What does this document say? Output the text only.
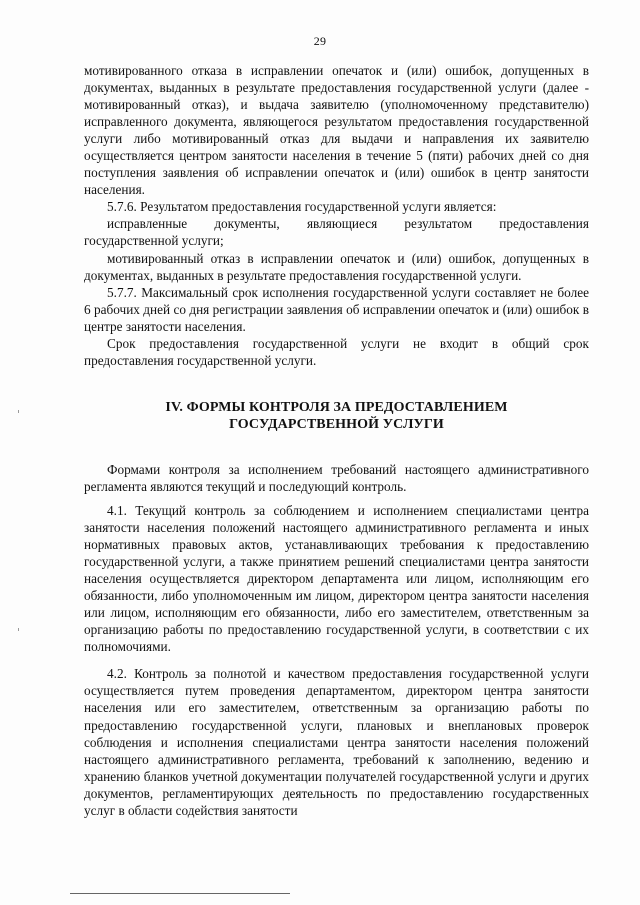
29

мотивированного отказа в исправлении опечаток и (или) ошибок, допущенных в документах, выданных в результате предоставления государственной услуги (далее - мотивированный отказ), и выдача заявителю (уполномоченному представителю) исправленного документа, являющегося результатом предоставления государственной услуги либо мотивированный отказ для выдачи и направления их заявителю осуществляется центром занятости населения в течение 5 (пяти) рабочих дней со дня поступления заявления об исправлении опечаток и (или) ошибок в центр занятости населения.

5.7.6. Результатом предоставления государственной услуги является:

исправленные документы, являющиеся результатом предоставления государственной услуги;

мотивированный отказ в исправлении опечаток и (или) ошибок, допущенных в документах, выданных в результате предоставления государственной услуги.

5.7.7. Максимальный срок исполнения государственной услуги составляет не более 6 рабочих дней со дня регистрации заявления об исправлении опечаток и (или) ошибок в центре занятости населения.

Срок предоставления государственной услуги не входит в общий срок предоставления государственной услуги.

IV. ФОРМЫ КОНТРОЛЯ ЗА ПРЕДОСТАВЛЕНИЕМ
ГОСУДАРСТВЕННОЙ УСЛУГИ

Формами контроля за исполнением требований настоящего административного регламента являются текущий и последующий контроль.

4.1. Текущий контроль за соблюдением и исполнением специалистами центра занятости населения положений настоящего административного регламента и иных нормативных правовых актов, устанавливающих требования к предоставлению государственной услуги, а также принятием решений специалистами центра занятости населения осуществляется директором департамента или лицом, исполняющим его обязанности, либо уполномоченным им лицом, директором центра занятости населения или лицом, исполняющим его обязанности, либо его заместителем, ответственным за организацию работы по предоставлению государственной услуги, в соответствии с их полномочиями.

4.2. Контроль за полнотой и качеством предоставления государственной услуги осуществляется путем проведения департаментом, директором центра занятости населения или его заместителем, ответственным за организацию работы по предоставлению государственной услуги, плановых и внеплановых проверок соблюдения и исполнения специалистами центра занятости населения положений настоящего административного регламента, требований к заполнению, ведению и хранению бланков учетной документации получателей государственной услуги и других документов, регламентирующих деятельность по предоставлению государственных услуг в области содействия занятости
